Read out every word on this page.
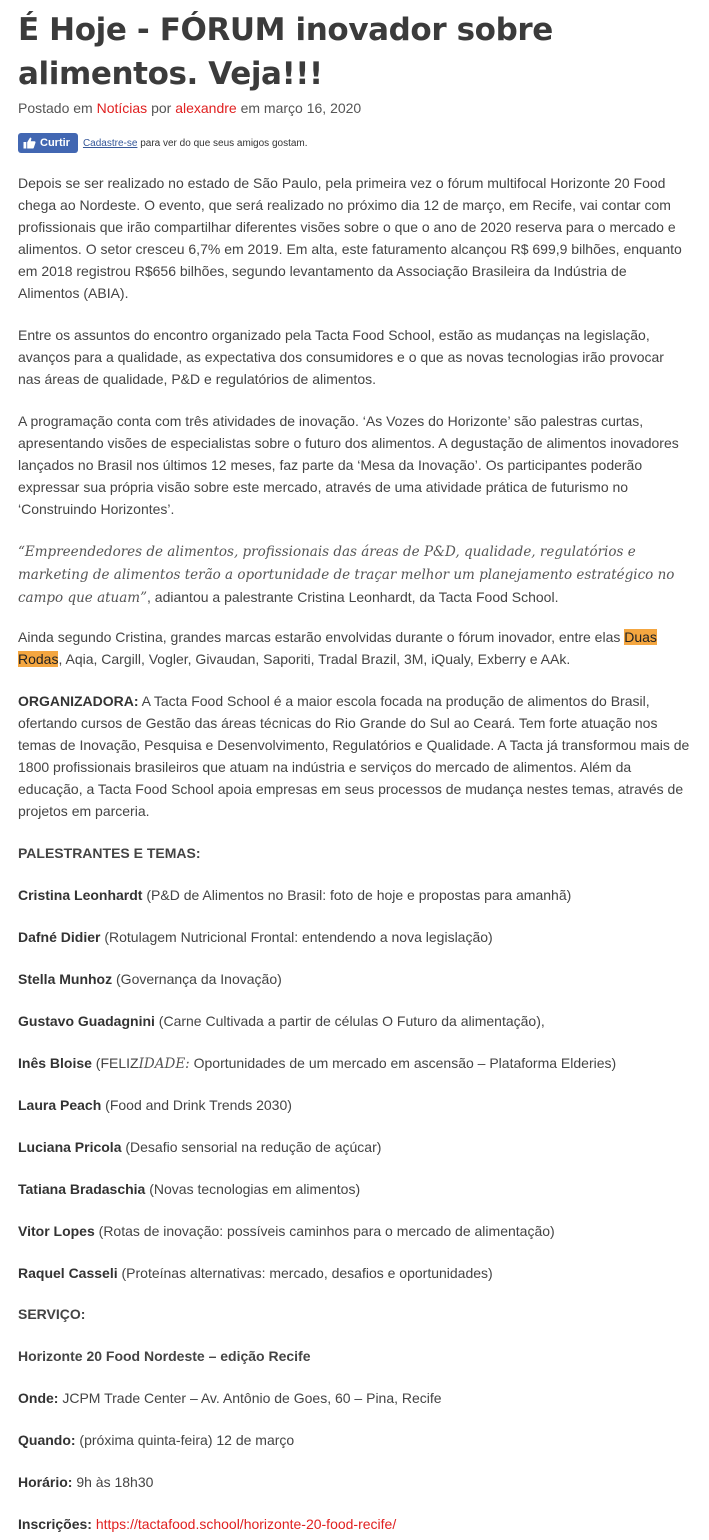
É Hoje - FÓRUM inovador sobre alimentos. Veja!!!
Postado em Notícias por alexandre em março 16, 2020
Curtir Cadastre-se para ver do que seus amigos gostam.

Depois se ser realizado no estado de São Paulo, pela primeira vez o fórum multifocal Horizonte 20 Food chega ao Nordeste. O evento, que será realizado no próximo dia 12 de março, em Recife, vai contar com profissionais que irão compartilhar diferentes visões sobre o que o ano de 2020 reserva para o mercado e alimentos. O setor cresceu 6,7% em 2019. Em alta, este faturamento alcançou R$ 699,9 bilhões, enquanto em 2018 registrou R$656 bilhões, segundo levantamento da Associação Brasileira da Indústria de Alimentos (ABIA).

Entre os assuntos do encontro organizado pela Tacta Food School, estão as mudanças na legislação, avanços para a qualidade, as expectativa dos consumidores e o que as novas tecnologias irão provocar nas áreas de qualidade, P&D e regulatórios de alimentos.

A programação conta com três atividades de inovação. ‘As Vozes do Horizonte’ são palestras curtas, apresentando visões de especialistas sobre o futuro dos alimentos. A degustação de alimentos inovadores lançados no Brasil nos últimos 12 meses, faz parte da ‘Mesa da Inovação’. Os participantes poderão expressar sua própria visão sobre este mercado, através de uma atividade prática de futurismo no ‘Construindo Horizontes’.

“Empreendedores de alimentos, profissionais das áreas de P&D, qualidade, regulatórios e marketing de alimentos terão a oportunidade de traçar melhor um planejamento estratégico no campo que atuam”, adiantou a palestrante Cristina Leonhardt, da Tacta Food School.

Ainda segundo Cristina, grandes marcas estarão envolvidas durante o fórum inovador, entre elas Duas Rodas, Aqia, Cargill, Vogler, Givaudan, Saporiti, Tradal Brazil, 3M, iQualy, Exberry e AAk.

ORGANIZADORA: A Tacta Food School é a maior escola focada na produção de alimentos do Brasil, ofertando cursos de Gestão das áreas técnicas do Rio Grande do Sul ao Ceará. Tem forte atuação nos temas de Inovação, Pesquisa e Desenvolvimento, Regulatórios e Qualidade. A Tacta já transformou mais de 1800 profissionais brasileiros que atuam na indústria e serviços do mercado de alimentos. Além da educação, a Tacta Food School apoia empresas em seus processos de mudança nestes temas, através de projetos em parceria.

PALESTRANTES E TEMAS:

Cristina Leonhardt (P&D de Alimentos no Brasil: foto de hoje e propostas para amanhã)

Dafné Didier (Rotulagem Nutricional Frontal: entendendo a nova legislação)

Stella Munhoz (Governança da Inovação)

Gustavo Guadagnini (Carne Cultivada a partir de células O Futuro da alimentação),

Inês Bloise (FELIZIDADE: Oportunidades de um mercado em ascensão – Plataforma Elderies)

Laura Peach (Food and Drink Trends 2030)

Luciana Pricola (Desafio sensorial na redução de açúcar)

Tatiana Bradaschia (Novas tecnologias em alimentos)

Vitor Lopes (Rotas de inovação: possíveis caminhos para o mercado de alimentação)

Raquel Casseli (Proteínas alternativas: mercado, desafios e oportunidades)

SERVIÇO:

Horizonte 20 Food Nordeste – edição Recife

Onde: JCPM Trade Center – Av. Antônio de Goes, 60 – Pina, Recife

Quando: (próxima quinta-feira) 12 de março

Horário: 9h às 18h30

Inscrições: https://tactafood.school/horizonte-20-food-recife/
